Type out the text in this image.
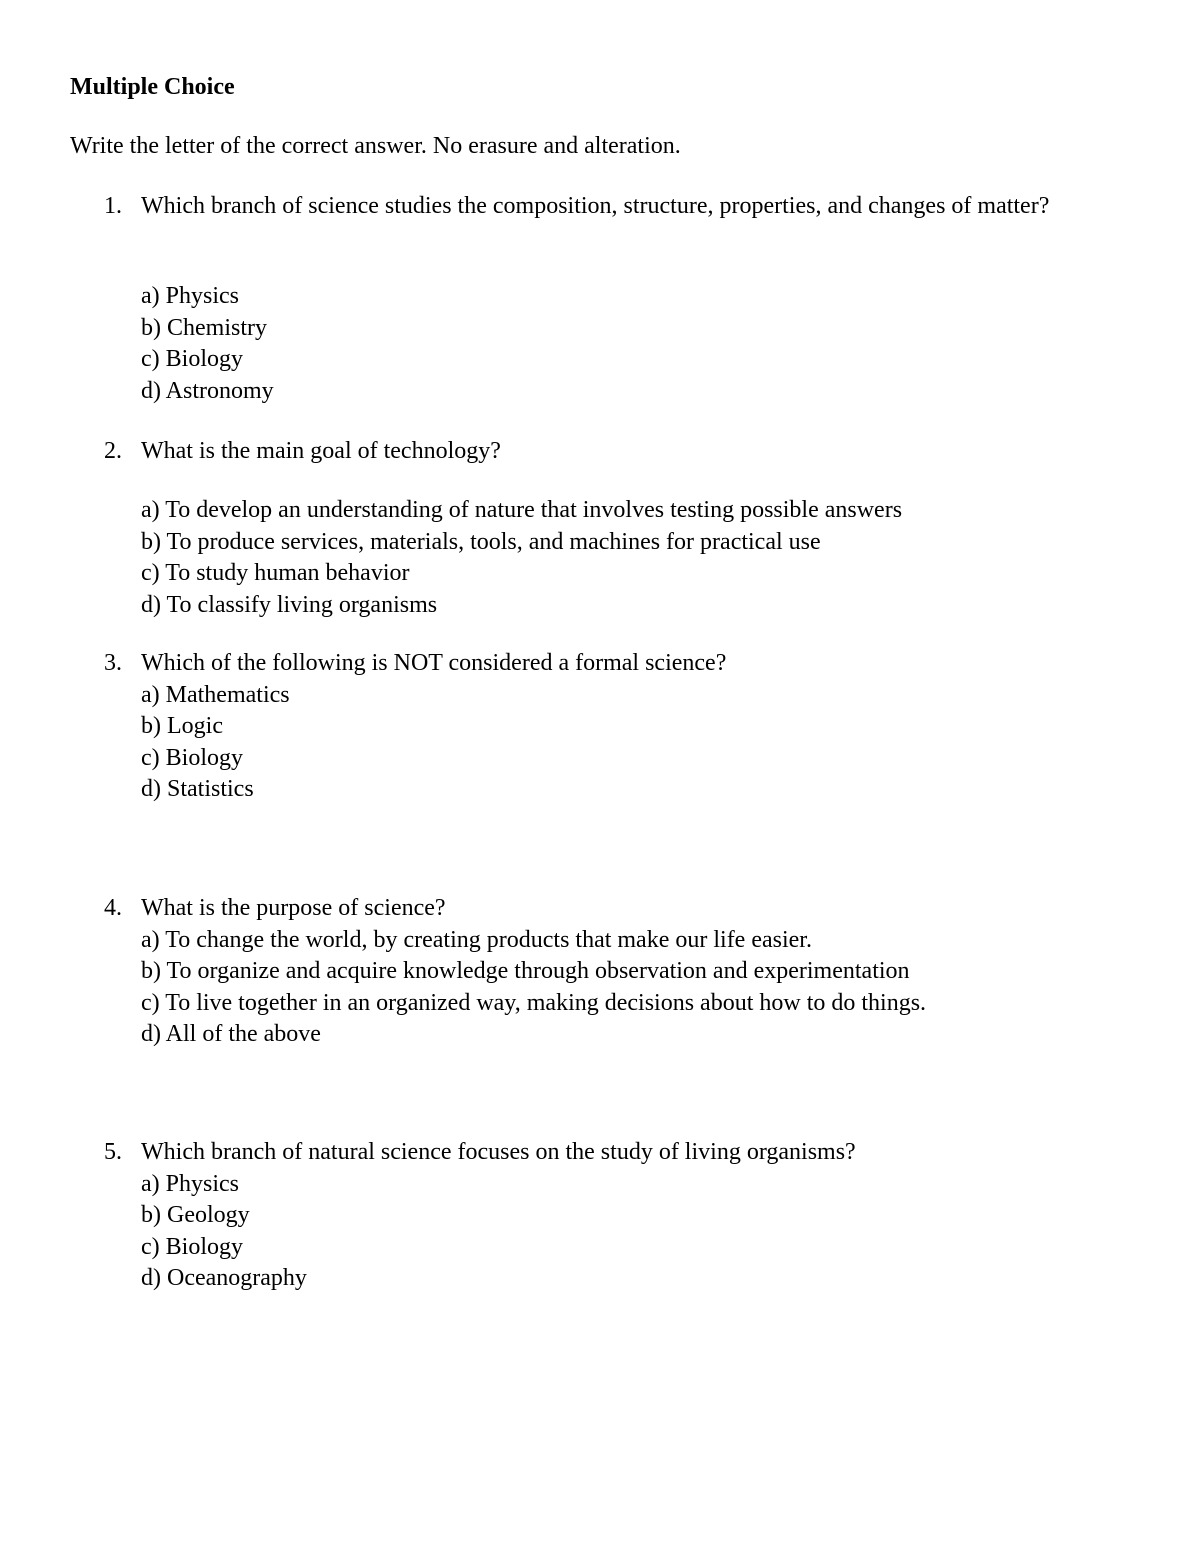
Multiple Choice

Write the letter of the correct answer. No erasure and alteration.

1. Which branch of science studies the composition, structure, properties, and changes of matter?
a) Physics
b) Chemistry
c) Biology
d) Astronomy
2. What is the main goal of technology?
a) To develop an understanding of nature that involves testing possible answers
b) To produce services, materials, tools, and machines for practical use
c) To study human behavior
d) To classify living organisms
3. Which of the following is NOT considered a formal science?
a) Mathematics
b) Logic
c) Biology
d) Statistics
4. What is the purpose of science?
a) To change the world, by creating products that make our life easier.
b) To organize and acquire knowledge through observation and experimentation
c) To live together in an organized way, making decisions about how to do things.
d) All of the above
5. Which branch of natural science focuses on the study of living organisms?
a) Physics
b) Geology
c) Biology
d) Oceanography
